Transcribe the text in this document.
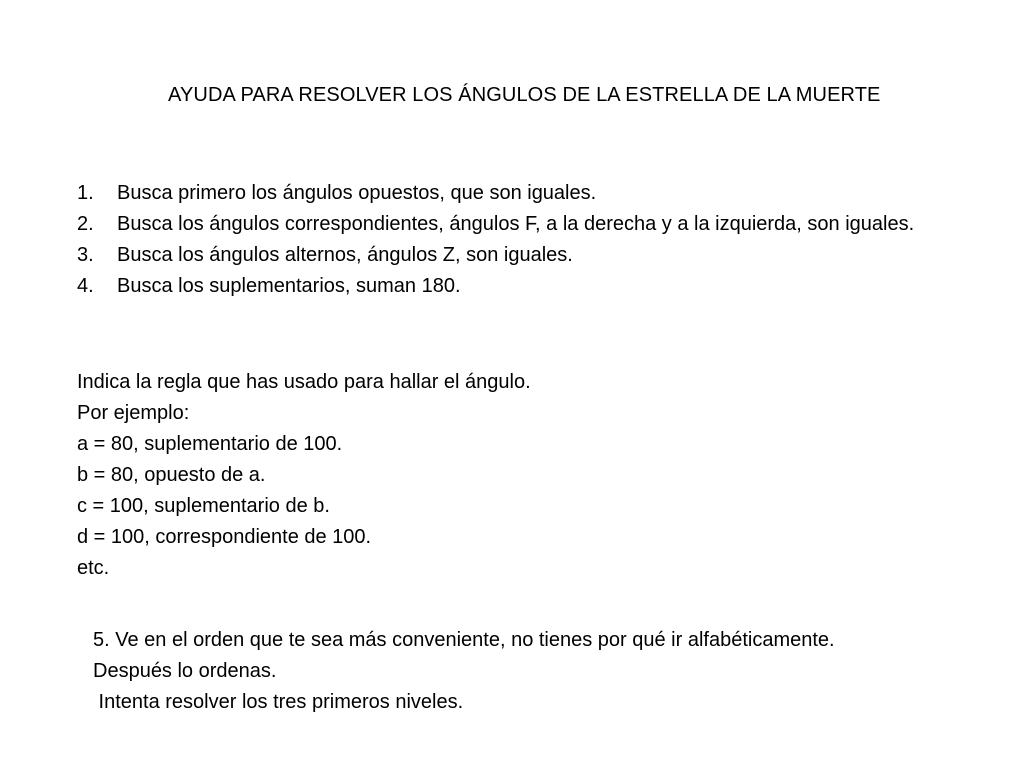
AYUDA PARA RESOLVER LOS ÁNGULOS DE LA ESTRELLA DE LA MUERTE
1.	Busca primero los ángulos opuestos, que son iguales.
2.	Busca los ángulos correspondientes, ángulos F, a la derecha y a la izquierda, son iguales.
3.	Busca los ángulos alternos, ángulos Z, son iguales.
4.	Busca los suplementarios, suman 180.
Indica la regla que has usado para hallar el ángulo.
Por ejemplo:
a = 80, suplementario de 100.
b = 80, opuesto de a.
c = 100, suplementario de b.
d = 100, correspondiente de 100.
etc.
5. Ve en el orden que te sea más conveniente, no tienes por qué ir alfabéticamente.
Después lo ordenas.
Intenta resolver los tres primeros niveles.
